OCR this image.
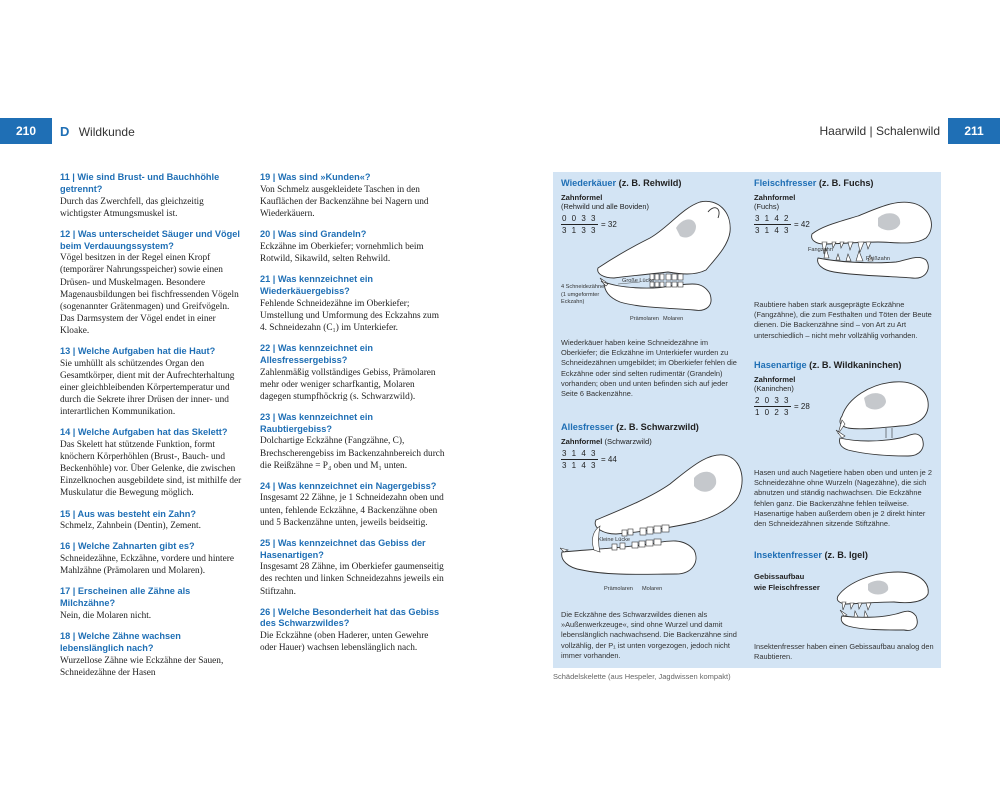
210	D Wildkunde	Haarwild | Schalenwild	211
11 | Wie sind Brust- und Bauchhöhle getrennt?
Durch das Zwerchfell, das gleichzeitig wichtigster Atmungsmuskel ist.
12 | Was unterscheidet Säuger und Vögel beim Verdauungssystem?
Vögel besitzen in der Regel einen Kropf (temporärer Nahrungsspeicher) sowie einen Drüsen- und Muskelmagen. Besondere Magenausbildungen bei fischfressenden Vögeln (sogenannter Grätenmagen) und Greifvögeln. Das Darmsystem der Vögel endet in einer Kloake.
13 | Welche Aufgaben hat die Haut?
Sie umhüllt als schützendes Organ den Gesamtkörper, dient mit der Aufrechterhaltung einer gleichbleibenden Körpertemperatur und durch die Sekrete ihrer Drüsen der inner- und interartlichen Kommunikation.
14 | Welche Aufgaben hat das Skelett?
Das Skelett hat stützende Funktion, formt knöchern Körperhöhlen (Brust-, Bauch- und Beckenhöhle) vor. Über Gelenke, die zwischen Einzelknochen ausgebildete sind, ist mithilfe der Muskulatur die Bewegung möglich.
15 | Aus was besteht ein Zahn?
Schmelz, Zahnbein (Dentin), Zement.
16 | Welche Zahnarten gibt es?
Schneidezähne, Eckzähne, vordere und hintere Mahlzähne (Prämolaren und Molaren).
17 | Erscheinen alle Zähne als Milchzähne?
Nein, die Molaren nicht.
18 | Welche Zähne wachsen lebenslänglich nach?
Wurzellose Zähne wie Eckzähne der Sauen, Schneidezähne der Hasen
19 | Was sind »Kunden«?
Von Schmelz ausgekleidete Taschen in den Kauflächen der Backenzähne bei Nagern und Wiederkäuern.
20 | Was sind Grandeln?
Eckzähne im Oberkiefer; vornehmlich beim Rotwild, Sikawild, selten Rehwild.
21 | Was kennzeichnet ein Wiederkäuergebiss?
Fehlende Schneidezähne im Oberkiefer; Umstellung und Umformung des Eckzahns zum 4. Schneidezahn (C₁) im Unterkiefer.
22 | Was kennzeichnet ein Allesfressergebiss?
Zahlenmäßig vollständiges Gebiss, Prämolaren mehr oder weniger scharfkantig, Molaren dagegen stumpfhöckrig (s. Schwarzwild).
23 | Was kennzeichnet ein Raubtiergebiss?
Dolchartige Eckzähne (Fangzähne, C), Brechscherengebiss im Backenzahnbereich durch die Reißzähne = P₄ oben und M₁ unten.
24 | Was kennzeichnet ein Nagergebiss?
Insgesamt 22 Zähne, je 1 Schneidezahn oben und unten, fehlende Eckzähne, 4 Backenzähne oben und 5 Backenzähne unten, jeweils beidseitig.
25 | Was kennzeichnet das Gebiss der Hasenartigen?
Insgesamt 28 Zähne, im Oberkiefer gaumenseitig des rechten und linken Schneidezahns jeweils ein Stiftzahn.
26 | Welche Besonderheit hat das Gebiss des Schwarzwildes?
Die Eckzähne (oben Haderer, unten Gewehre oder Hauer) wachsen lebenslänglich nach.
Wiederkäuer (z. B. Rehwild)
Zahnformel
(Rehwild und alle Boviden)
$\frac{0 0 3 3}{3 1 3 3} = 32$
Große Lücke
4 Schneidezähne
(1 umgeformter Eckzahn)
Prämolaren Molaren
Wiederkäuer haben keine Schneidezähne im Oberkiefer; die Eckzähne im Unterkiefer wurden zu Schneidezähnen umgebildet; im Oberkiefer fehlen die Eckzähne oder sind selten rudimentär (Grandeln) vorhanden; oben und unten befinden sich auf jeder Seite 6 Backenzähne.
Fleischfresser (z. B. Fuchs)
Zahnformel
(Fuchs)
$\frac{3 1 4 2}{3 1 4 3} = 42$
Fangzahn
Reißzahn
Raubtiere haben stark ausgeprägte Eckzähne (Fangzähne), die zum Festhalten und Töten der Beute dienen. Die Backenzähne sind – von Art zu Art unterschiedlich – nicht mehr vollzählig vorhanden.
Hasenartige (z. B. Wildkaninchen)
Zahnformel
(Kaninchen)
$\frac{2 0 3 3}{1 0 2 3} = 28$
Hasen und auch Nagetiere haben oben und unten je 2 Schneidezähne ohne Wurzeln (Nagezähne), die sich abnutzen und ständig nachwachsen. Die Eckzähne fehlen ganz. Die Backenzähne fehlen teilweise. Hasenartige haben außerdem oben je 2 direkt hinter den Schneidezähnen sitzende Stiftzähne.
Allesfresser (z. B. Schwarzwild)
Zahnformel (Schwarzwild)
$\frac{3 1 4 3}{3 1 4 3} = 44$
Kleine Lücke
Prämolaren Molaren
Die Eckzähne des Schwarzwildes dienen als »Außenwerkzeuge«, sind ohne Wurzel und damit lebenslänglich nachwachsend. Die Backenzähne sind vollzählig, der P₁ ist unten vorgezogen, jedoch nicht immer vorhanden.
Insektenfresser (z. B. Igel)
Gebissaufbau
wie Fleischfresser
Insektenfresser haben einen Gebissaufbau analog den Raubtieren.
Schädelskelette (aus Hespeler, Jagdwissen kompakt)
